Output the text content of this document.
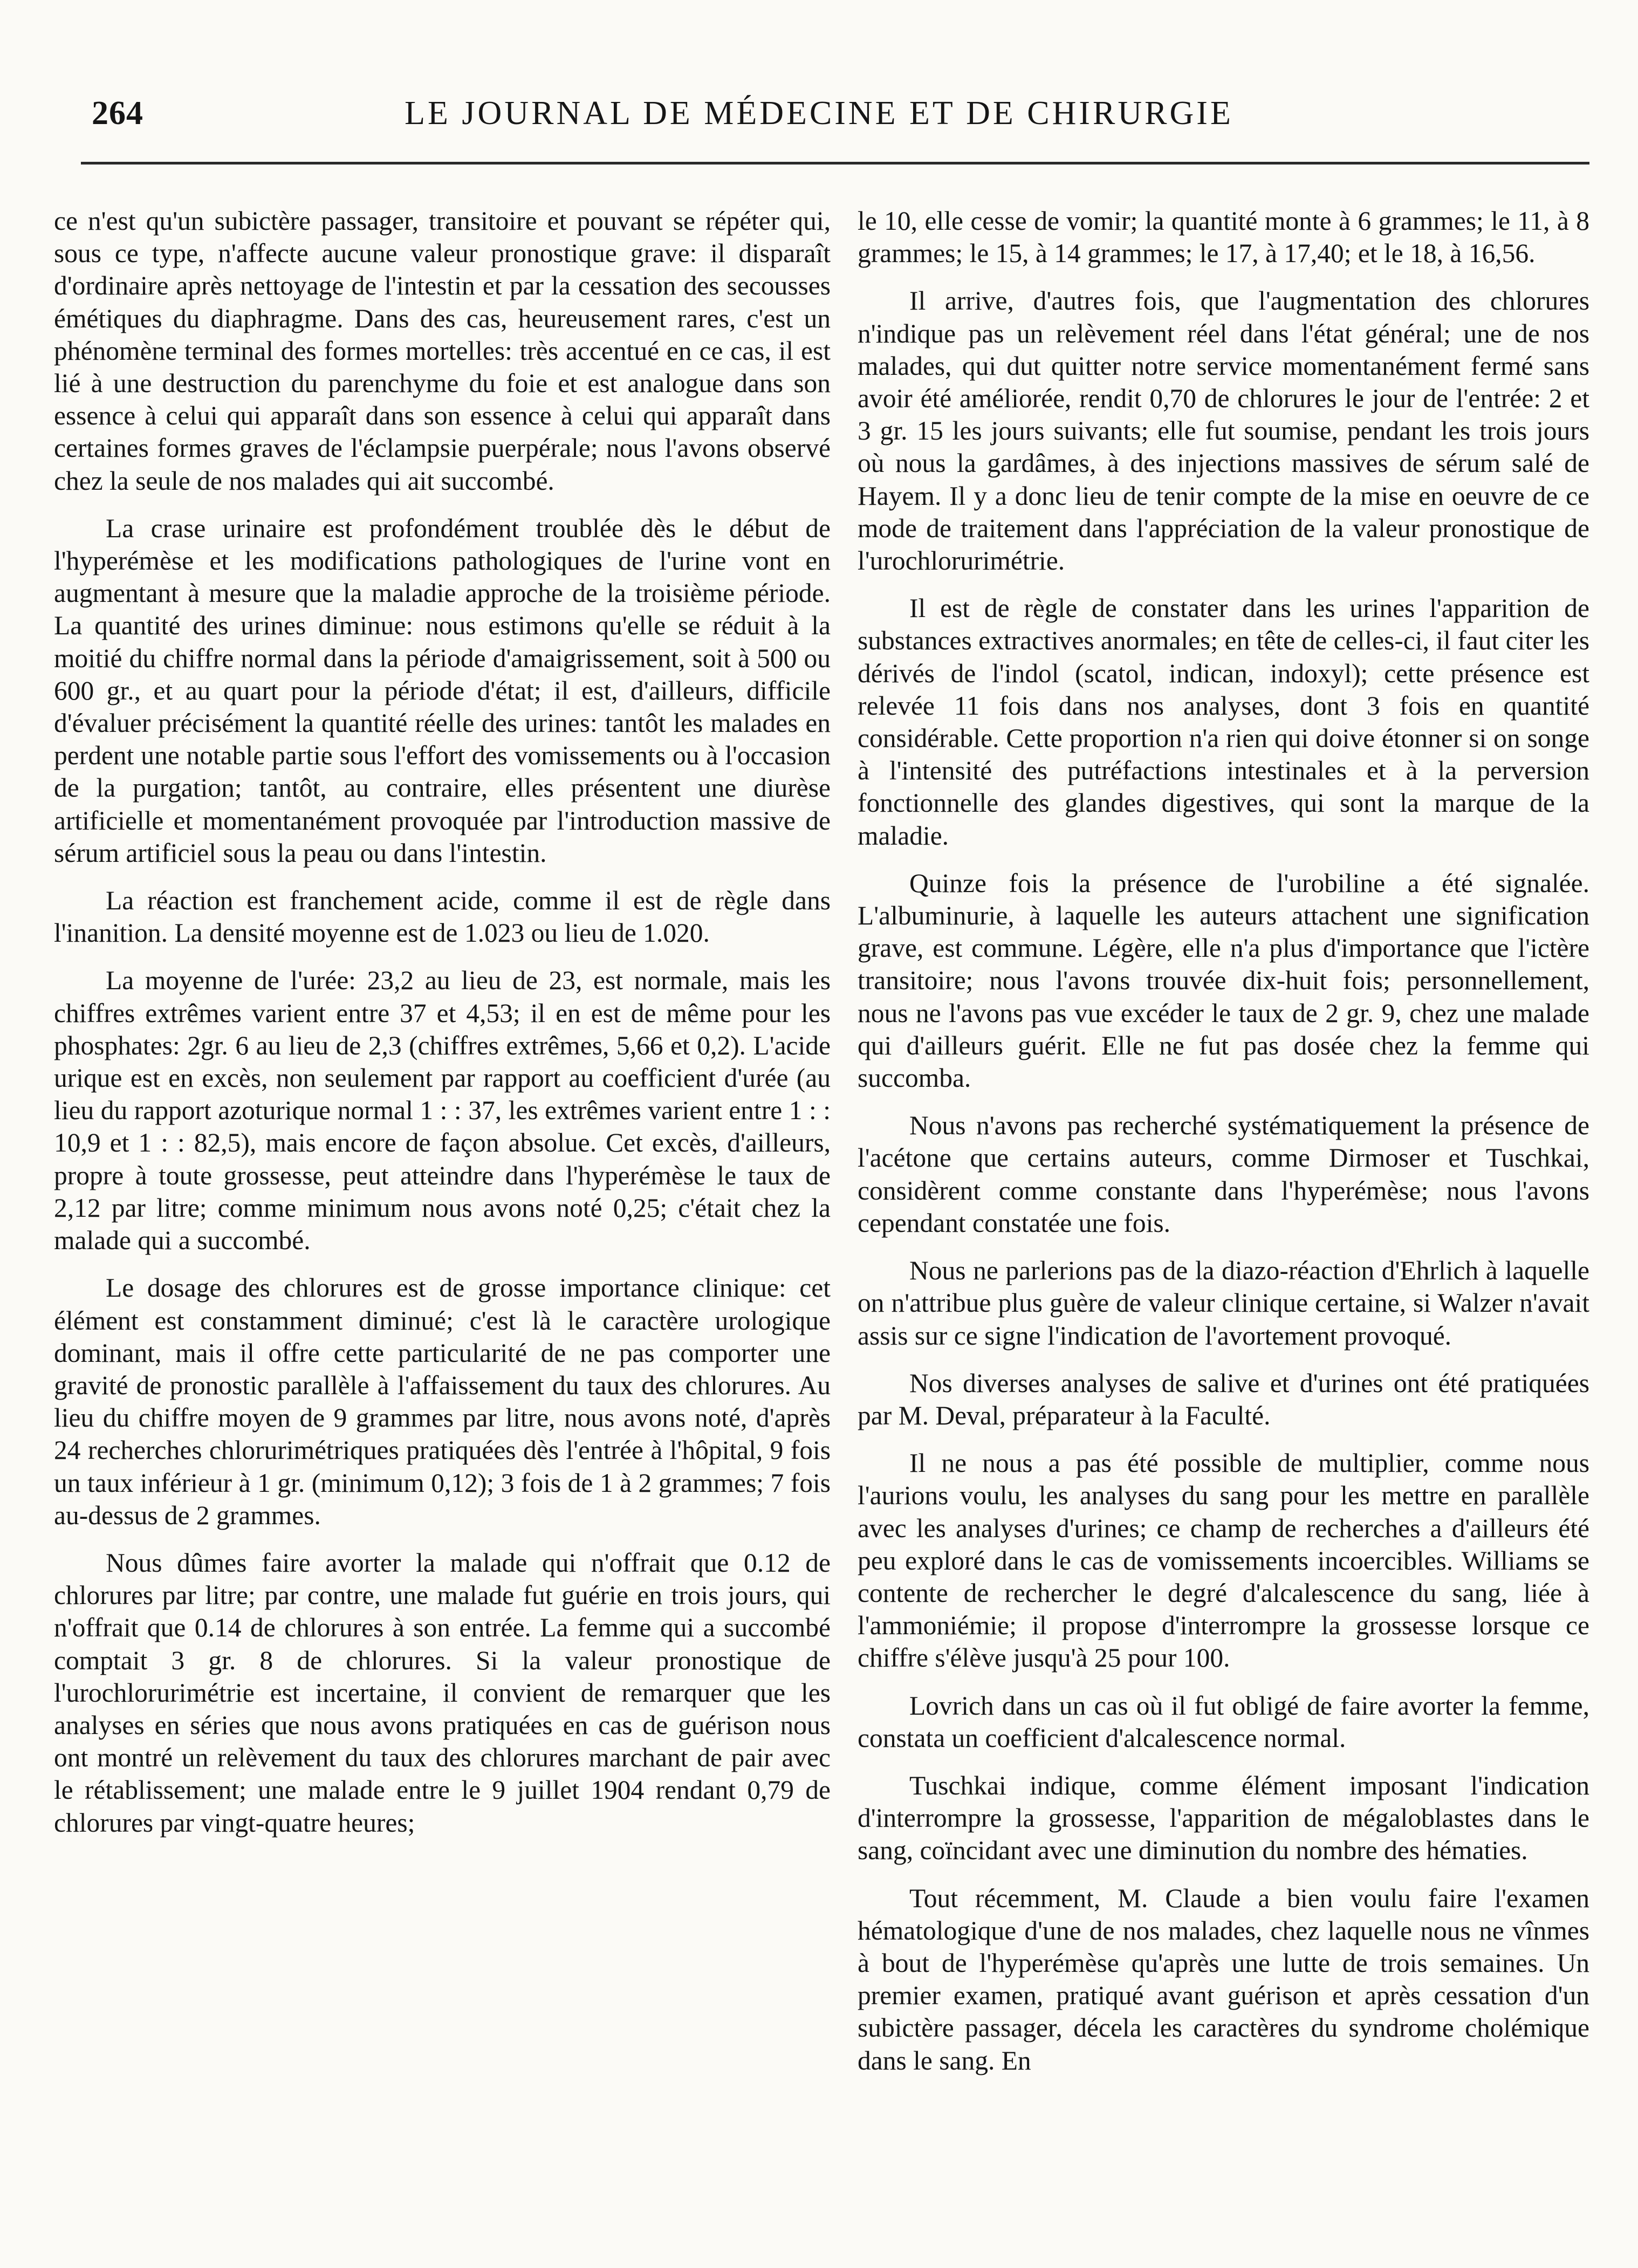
264	LE JOURNAL DE MÉDECINE ET DE CHIRURGIE

ce n'est qu'un subictère passager, transitoire et pouvant se répéter qui, sous ce type, n'affecte aucune valeur pronostique grave: il disparaît d'ordinaire après nettoyage de l'intestin et par la cessation des secousses émétiques du diaphragme. Dans des cas, heureusement rares, c'est un phénomène terminal des formes mortelles: très accentué en ce cas, il est lié à une destruction du parenchyme du foie et est analogue dans son essence à celui qui apparaît dans son essence à celui qui apparaît dans certaines formes graves de l'éclampsie puerpérale; nous l'avons observé chez la seule de nos malades qui ait succombé.

La crase urinaire est profondément troublée dès le début de l'hyperémèse et les modifications pathologiques de l'urine vont en augmentant à mesure que la maladie approche de la troisième période. La quantité des urines diminue: nous estimons qu'elle se réduit à la moitié du chiffre normal dans la période d'amaigrissement, soit à 500 ou 600 gr., et au quart pour la période d'état; il est, d'ailleurs, difficile d'évaluer précisément la quantité réelle des urines: tantôt les malades en perdent une notable partie sous l'effort des vomissements ou à l'occasion de la purgation; tantôt, au contraire, elles présentent une diurèse artificielle et momentanément provoquée par l'introduction massive de sérum artificiel sous la peau ou dans l'intestin.

La réaction est franchement acide, comme il est de règle dans l'inanition. La densité moyenne est de 1.023 ou lieu de 1.020.

La moyenne de l'urée: 23,2 au lieu de 23, est normale, mais les chiffres extrêmes varient entre 37 et 4,53; il en est de même pour les phosphates: 2gr. 6 au lieu de 2,3 (chiffres extrêmes, 5,66 et 0,2). L'acide urique est en excès, non seulement par rapport au coefficient d'urée (au lieu du rapport azoturique normal 1 : : 37, les extrêmes varient entre 1 : : 10,9 et 1 : : 82,5), mais encore de façon absolue. Cet excès, d'ailleurs, propre à toute grossesse, peut atteindre dans l'hyperémèse le taux de 2,12 par litre; comme minimum nous avons noté 0,25; c'était chez la malade qui a succombé.

Le dosage des chlorures est de grosse importance clinique: cet élément est constamment diminué; c'est là le caractère urologique dominant, mais il offre cette particularité de ne pas comporter une gravité de pronostic parallèle à l'affaissement du taux des chlorures. Au lieu du chiffre moyen de 9 grammes par litre, nous avons noté, d'après 24 recherches chlorurimétriques pratiquées dès l'entrée à l'hôpital, 9 fois un taux inférieur à 1 gr. (minimum 0,12); 3 fois de 1 à 2 grammes; 7 fois au-dessus de 2 grammes.

Nous dûmes faire avorter la malade qui n'offrait que 0.12 de chlorures par litre; par contre, une malade fut guérie en trois jours, qui n'offrait que 0.14 de chlorures à son entrée. La femme qui a succombé comptait 3 gr. 8 de chlorures. Si la valeur pronostique de l'urochlorurimétrie est incertaine, il convient de remarquer que les analyses en séries que nous avons pratiquées en cas de guérison nous ont montré un relèvement du taux des chlorures marchant de pair avec le rétablissement; une malade entre le 9 juillet 1904 rendant 0,79 de chlorures par vingt-quatre heures;

le 10, elle cesse de vomir; la quantité monte à 6 grammes; le 11, à 8 grammes; le 15, à 14 grammes; le 17, à 17,40; et le 18, à 16,56.

Il arrive, d'autres fois, que l'augmentation des chlorures n'indique pas un relèvement réel dans l'état général; une de nos malades, qui dut quitter notre service momentanément fermé sans avoir été améliorée, rendit 0,70 de chlorures le jour de l'entrée: 2 et 3 gr. 15 les jours suivants; elle fut soumise, pendant les trois jours où nous la gardâmes, à des injections massives de sérum salé de Hayem. Il y a donc lieu de tenir compte de la mise en oeuvre de ce mode de traitement dans l'appréciation de la valeur pronostique de l'urochlorurimétrie.

Il est de règle de constater dans les urines l'apparition de substances extractives anormales; en tête de celles-ci, il faut citer les dérivés de l'indol (scatol, indican, indoxyl); cette présence est relevée 11 fois dans nos analyses, dont 3 fois en quantité considérable. Cette proportion n'a rien qui doive étonner si on songe à l'intensité des putréfactions intestinales et à la perversion fonctionnelle des glandes digestives, qui sont la marque de la maladie.

Quinze fois la présence de l'urobiline a été signalée. L'albuminurie, à laquelle les auteurs attachent une signification grave, est commune. Légère, elle n'a plus d'importance que l'ictère transitoire; nous l'avons trouvée dix-huit fois; personnellement, nous ne l'avons pas vue excéder le taux de 2 gr. 9, chez une malade qui d'ailleurs guérit. Elle ne fut pas dosée chez la femme qui succomba.

Nous n'avons pas recherché systématiquement la présence de l'acétone que certains auteurs, comme Dirmoser et Tuschkai, considèrent comme constante dans l'hyperémèse; nous l'avons cependant constatée une fois.

Nous ne parlerions pas de la diazo-réaction d'Ehrlich à laquelle on n'attribue plus guère de valeur clinique certaine, si Walzer n'avait assis sur ce signe l'indication de l'avortement provoqué.

Nos diverses analyses de salive et d'urines ont été pratiquées par M. Deval, préparateur à la Faculté.

Il ne nous a pas été possible de multiplier, comme nous l'aurions voulu, les analyses du sang pour les mettre en parallèle avec les analyses d'urines; ce champ de recherches a d'ailleurs été peu exploré dans le cas de vomissements incoercibles. Williams se contente de rechercher le degré d'alcalescence du sang, liée à l'ammoniémie; il propose d'interrompre la grossesse lorsque ce chiffre s'élève jusqu'à 25 pour 100.

Lovrich dans un cas où il fut obligé de faire avorter la femme, constata un coefficient d'alcalescence normal.

Tuschkai indique, comme élément imposant l'indication d'interrompre la grossesse, l'apparition de mégaloblastes dans le sang, coïncidant avec une diminution du nombre des hématies.

Tout récemment, M. Claude a bien voulu faire l'examen hématologique d'une de nos malades, chez laquelle nous ne vînmes à bout de l'hyperémèse qu'après une lutte de trois semaines. Un premier examen, pratiqué avant guérison et après cessation d'un subictère passager, décela les caractères du syndrome cholémique dans le sang. En
